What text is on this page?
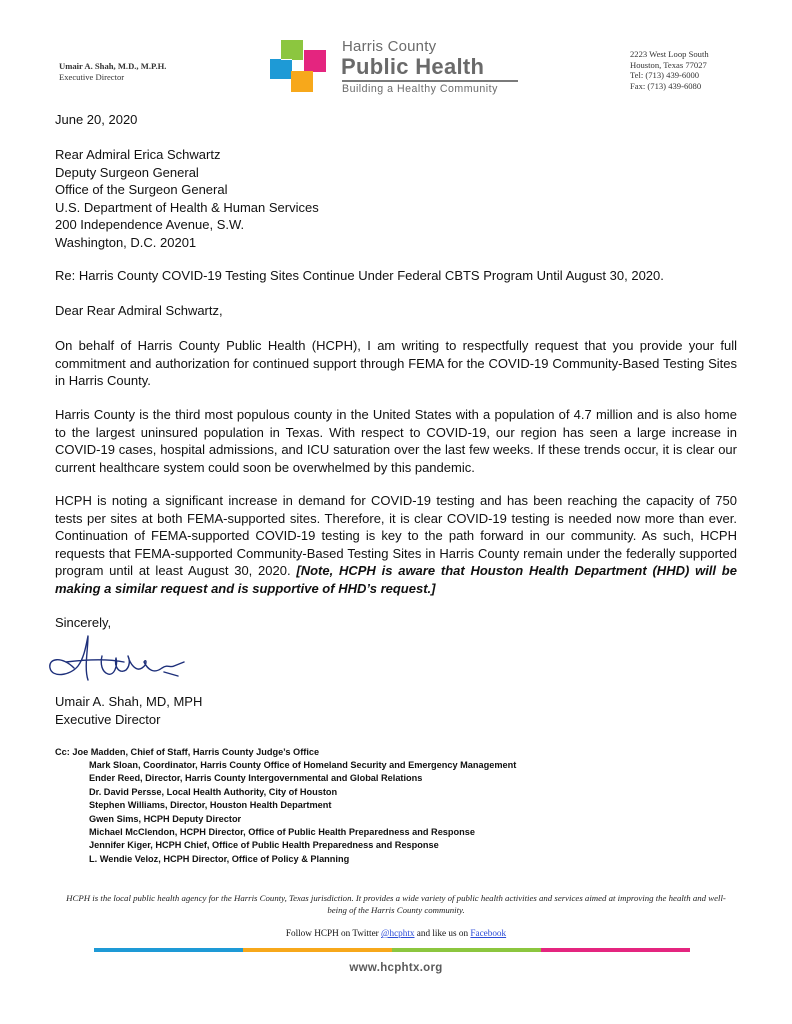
Umair A. Shah, M.D., M.P.H.
Executive Director
Harris County
Public Health
Building a Healthy Community
2223 West Loop South
Houston, Texas 77027
Tel: (713) 439-6000
Fax: (713) 439-6080
June 20, 2020
Rear Admiral Erica Schwartz
Deputy Surgeon General
Office of the Surgeon General
U.S. Department of Health & Human Services
200 Independence Avenue, S.W.
Washington, D.C. 20201
Re: Harris County COVID-19 Testing Sites Continue Under Federal CBTS Program Until August 30, 2020.
Dear Rear Admiral Schwartz,
On behalf of Harris County Public Health (HCPH), I am writing to respectfully request that you provide your full commitment and authorization for continued support through FEMA for the COVID-19 Community-Based Testing Sites in Harris County.
Harris County is the third most populous county in the United States with a population of 4.7 million and is also home to the largest uninsured population in Texas. With respect to COVID-19, our region has seen a large increase in COVID-19 cases, hospital admissions, and ICU saturation over the last few weeks. If these trends occur, it is clear our current healthcare system could soon be overwhelmed by this pandemic.
HCPH is noting a significant increase in demand for COVID-19 testing and has been reaching the capacity of 750 tests per sites at both FEMA-supported sites. Therefore, it is clear COVID-19 testing is needed now more than ever. Continuation of FEMA-supported COVID-19 testing is key to the path forward in our community. As such, HCPH requests that FEMA-supported Community-Based Testing Sites in Harris County remain under the federally supported program until at least August 30, 2020. [Note, HCPH is aware that Houston Health Department (HHD) will be making a similar request and is supportive of HHD’s request.]
Sincerely,
Umair A. Shah, MD, MPH
Executive Director
Cc: Joe Madden, Chief of Staff, Harris County Judge’s Office
Mark Sloan, Coordinator, Harris County Office of Homeland Security and Emergency Management
Ender Reed, Director, Harris County Intergovernmental and Global Relations
Dr. David Persse, Local Health Authority, City of Houston
Stephen Williams, Director, Houston Health Department
Gwen Sims, HCPH Deputy Director
Michael McClendon, HCPH Director, Office of Public Health Preparedness and Response
Jennifer Kiger, HCPH Chief, Office of Public Health Preparedness and Response
L. Wendie Veloz, HCPH Director, Office of Policy & Planning
HCPH is the local public health agency for the Harris County, Texas jurisdiction. It provides a wide variety of public health activities and services aimed at improving the health and well-being of the Harris County community.
Follow HCPH on Twitter @hcphtx and like us on Facebook
www.hcphtx.org
